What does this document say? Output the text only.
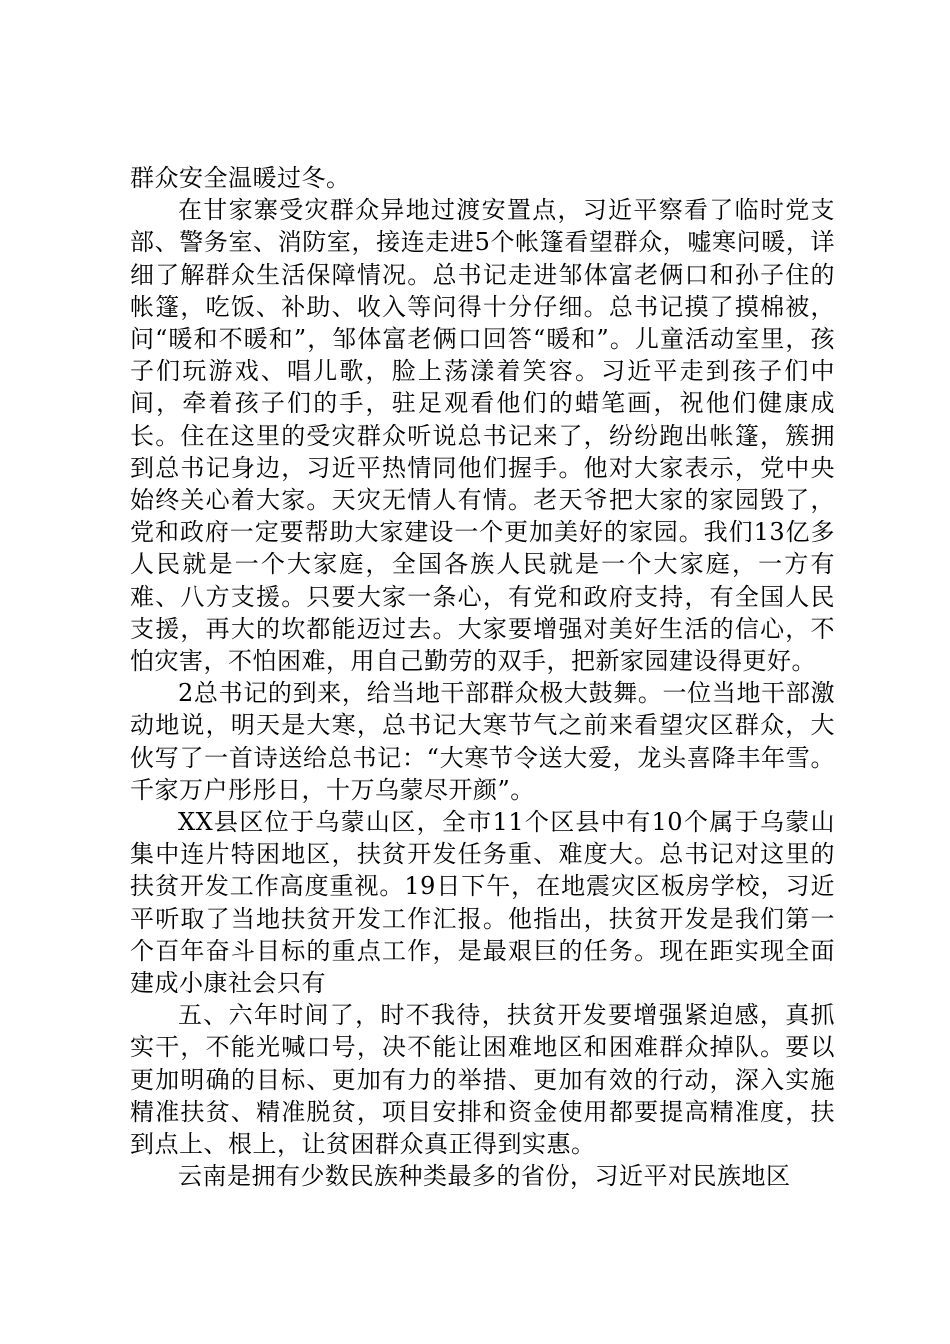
群众安全温暖过冬。

在甘家寨受灾群众异地过渡安置点，习近平察看了临时党支部、警务室、消防室，接连走进5个帐篷看望群众，嘘寒问暖，详细了解群众生活保障情况。总书记走进邹体富老俩口和孙子住的帐篷，吃饭、补助、收入等问得十分仔细。总书记摸了摸棉被，问“暖和不暖和”，邹体富老俩口回答“暖和”。儿童活动室里，孩子们玩游戏、唱儿歌，脸上荡漾着笑容。习近平走到孩子们中间，牵着孩子们的手，驻足观看他们的蜡笔画，祝他们健康成长。住在这里的受灾群众听说总书记来了，纷纷跑出帐篷，簇拥到总书记身边，习近平热情同他们握手。他对大家表示，党中央始终关心着大家。天灾无情人有情。老天爷把大家的家园毁了，党和政府一定要帮助大家建设一个更加美好的家园。我们13亿多人民就是一个大家庭，全国各族人民就是一个大家庭，一方有难、八方支援。只要大家一条心，有党和政府支持，有全国人民支援，再大的坎都能迈过去。大家要增强对美好生活的信心，不怕灾害，不怕困难，用自己勤劳的双手，把新家园建设得更好。

2总书记的到来，给当地干部群众极大鼓舞。一位当地干部激动地说，明天是大寒，总书记大寒节气之前来看望灾区群众，大伙写了一首诗送给总书记：“大寒节令送大爱，龙头喜降丰年雪。千家万户彤彤日，十万乌蒙尽开颜”。

XX县区位于乌蒙山区，全市11个区县中有10个属于乌蒙山集中连片特困地区，扶贫开发任务重、难度大。总书记对这里的扶贫开发工作高度重视。19日下午，在地震灾区板房学校，习近平听取了当地扶贫开发工作汇报。他指出，扶贫开发是我们第一个百年奋斗目标的重点工作，是最艰巨的任务。现在距实现全面建成小康社会只有

五、六年时间了，时不我待，扶贫开发要增强紧迫感，真抓实干，不能光喊口号，决不能让困难地区和困难群众掉队。要以更加明确的目标、更加有力的举措、更加有效的行动，深入实施精准扶贫、精准脱贫，项目安排和资金使用都要提高精准度，扶到点上、根上，让贫困群众真正得到实惠。

云南是拥有少数民族种类最多的省份，习近平对民族地区
